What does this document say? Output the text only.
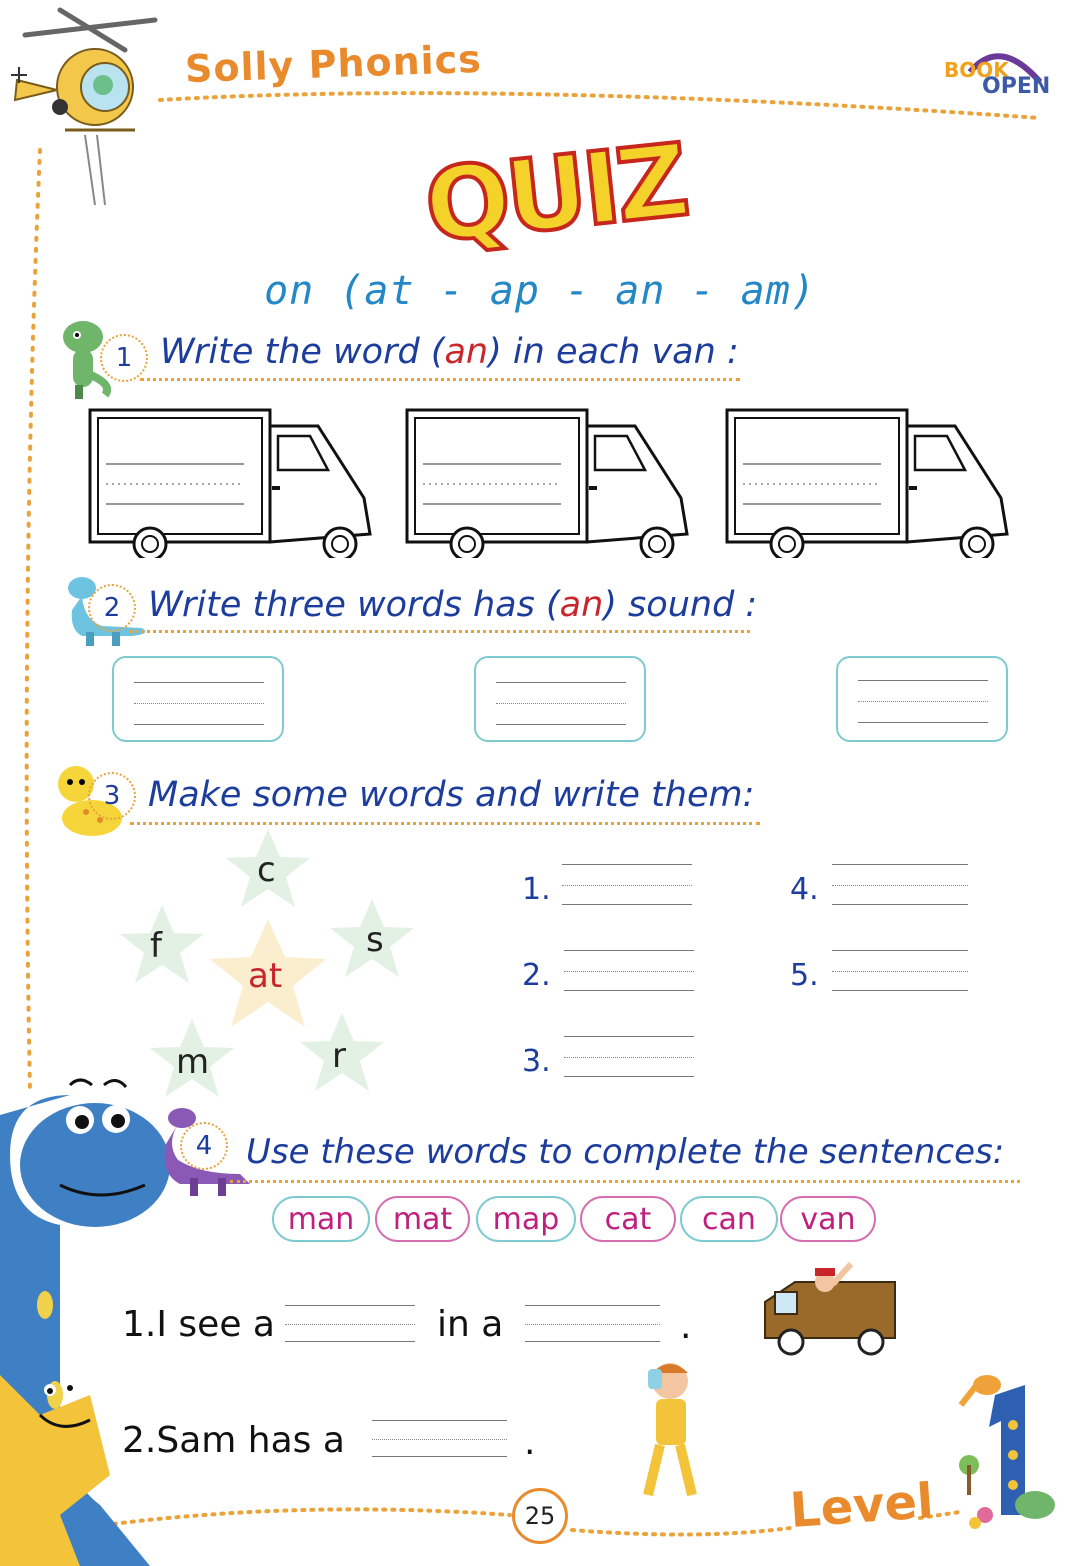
Solly Phonics	BOOK
OPEN
QUIZ
on (at - ap - an - am)
1 Write the word (an) in each van :
2 Write three words has (an) sound :
3 Make some words and write them:
c
f	s
m	r
at
1.
2.
3.
4.
5.
4 Use these words to complete the sentences:
man	mat	map	cat	can	van
1.I see a	in a	.
2.Sam has a	.
25	Level
